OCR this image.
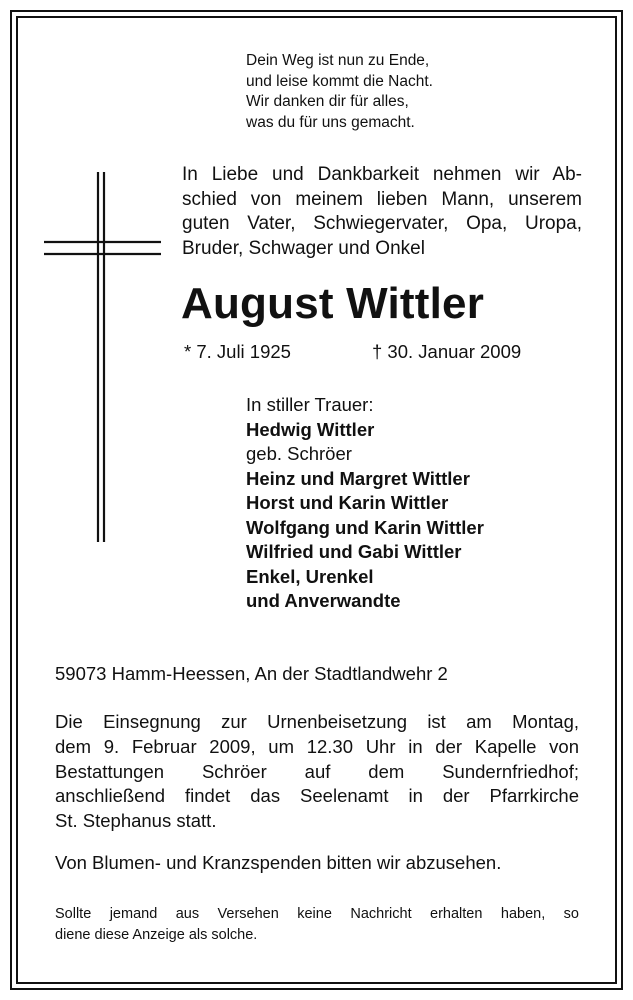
Dein Weg ist nun zu Ende,
und leise kommt die Nacht.
Wir danken dir für alles,
was du für uns gemacht.
In Liebe und Dankbarkeit nehmen wir Ab-
schied von meinem lieben Mann, unserem
guten Vater, Schwiegervater, Opa, Uropa,
Bruder, Schwager und Onkel
August Wittler
* 7. Juli 1925	† 30. Januar 2009
In stiller Trauer:
Hedwig Wittler
geb. Schröer
Heinz und Margret Wittler
Horst und Karin Wittler
Wolfgang und Karin Wittler
Wilfried und Gabi Wittler
Enkel, Urenkel
und Anverwandte
59073 Hamm-Heessen, An der Stadtlandwehr 2
Die Einsegnung zur Urnenbeisetzung ist am Montag,
dem 9. Februar 2009, um 12.30 Uhr in der Kapelle von
Bestattungen Schröer auf dem Sundernfriedhof;
anschließend findet das Seelenamt in der Pfarrkirche
St. Stephanus statt.
Von Blumen- und Kranzspenden bitten wir abzusehen.
Sollte jemand aus Versehen keine Nachricht erhalten haben, so
diene diese Anzeige als solche.
